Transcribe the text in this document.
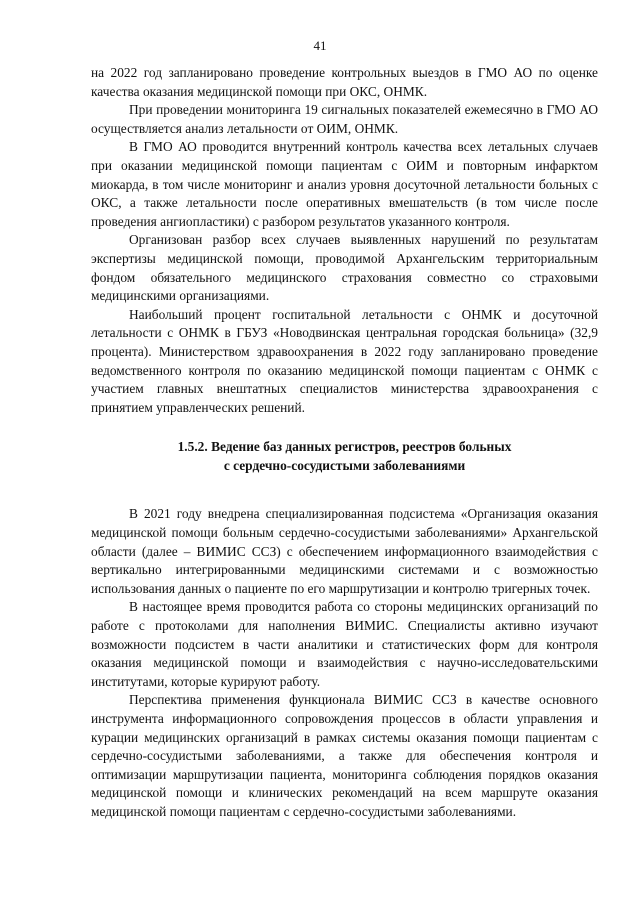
41

на 2022 год запланировано проведение контрольных выездов в ГМО АО по оценке качества оказания медицинской помощи при ОКС, ОНМК.

При проведении мониторинга 19 сигнальных показателей ежемесячно в ГМО АО осуществляется анализ летальности от ОИМ, ОНМК.

В ГМО АО проводится внутренний контроль качества всех летальных случаев при оказании медицинской помощи пациентам с ОИМ и повторным инфарктом миокарда, в том числе мониторинг и анализ уровня досуточной летальности больных с ОКС, а также летальности после оперативных вмешательств (в том числе после проведения ангиопластики) с разбором результатов указанного контроля.

Организован разбор всех случаев выявленных нарушений по результатам экспертизы медицинской помощи, проводимой Архангельским территориальным фондом обязательного медицинского страхования совместно со страховыми медицинскими организациями.

Наибольший процент госпитальной летальности с ОНМК и досуточной летальности с ОНМК в ГБУЗ «Новодвинская центральная городская больница» (32,9 процента). Министерством здравоохранения в 2022 году запланировано проведение ведомственного контроля по оказанию медицинской помощи пациентам с ОНМК с участием главных внештатных специалистов министерства здравоохранения с принятием управленческих решений.

1.5.2. Ведение баз данных регистров, реестров больных
с сердечно-сосудистыми заболеваниями

В 2021 году внедрена специализированная подсистема «Организация оказания медицинской помощи больным сердечно-сосудистыми заболеваниями» Архангельской области (далее – ВИМИС ССЗ) с обеспечением информационного взаимодействия с вертикально интегрированными медицинскими системами и с возможностью использования данных о пациенте по его маршрутизации и контролю тригерных точек.

В настоящее время проводится работа со стороны медицинских организаций по работе с протоколами для наполнения ВИМИС. Специалисты активно изучают возможности подсистем в части аналитики и статистических форм для контроля оказания медицинской помощи и взаимодействия с научно-исследовательскими институтами, которые курируют работу.

Перспектива применения функционала ВИМИС ССЗ в качестве основного инструмента информационного сопровождения процессов в области управления и курации медицинских организаций в рамках системы оказания помощи пациентам с сердечно-сосудистыми заболеваниями, а также для обеспечения контроля и оптимизации маршрутизации пациента, мониторинга соблюдения порядков оказания медицинской помощи и клинических рекомендаций на всем маршруте оказания медицинской помощи пациентам с сердечно-сосудистыми заболеваниями.
